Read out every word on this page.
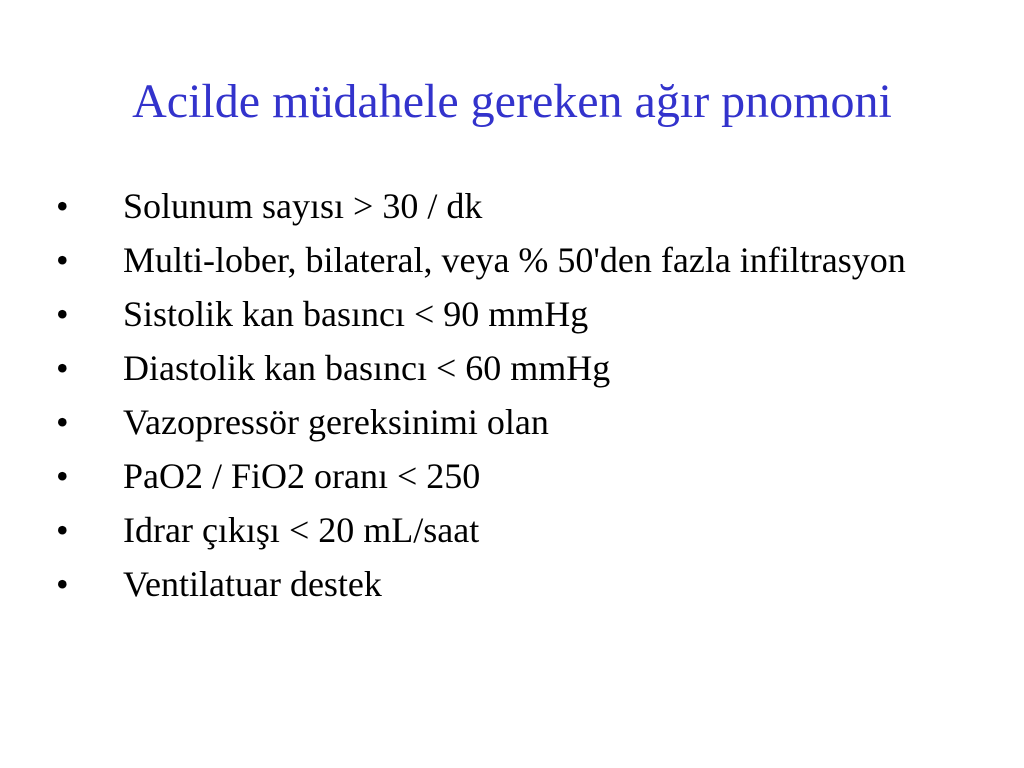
Acilde müdahele gereken ağır pnomoni
•	Solunum sayısı > 30 / dk
•	Multi-lober, bilateral, veya % 50'den fazla infiltrasyon
•	Sistolik kan basıncı < 90 mmHg
•	Diastolik kan basıncı < 60 mmHg
•	Vazopressör gereksinimi olan
•	PaO2 / FiO2 oranı < 250
•	Idrar çıkışı < 20 mL/saat
•	Ventilatuar destek
